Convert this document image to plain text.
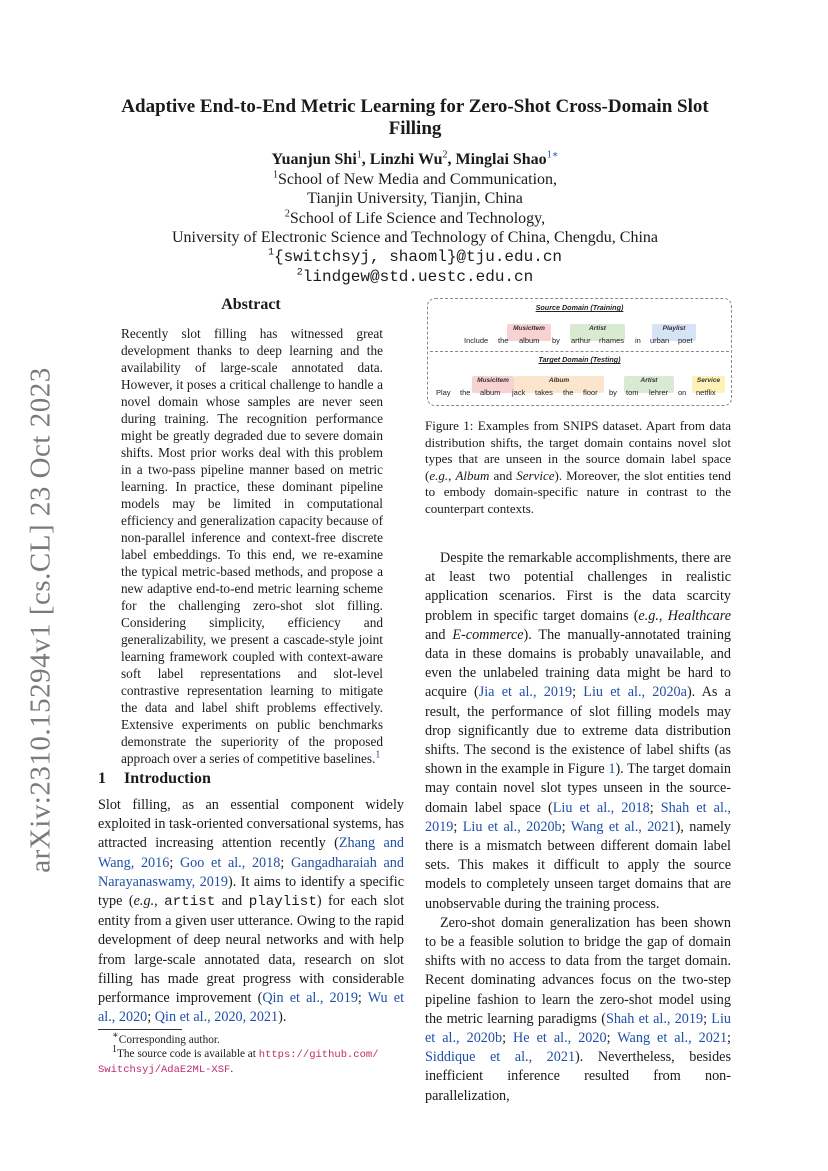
arXiv:2310.15294v1 [cs.CL] 23 Oct 2023
Adaptive End-to-End Metric Learning for Zero-Shot Cross-Domain Slot Filling
Yuanjun Shi$^1$, Linzhi Wu$^2$, Minglai Shao$^{1∗}$
$^1$School of New Media and Communication,
Tianjin University, Tianjin, China
$^2$School of Life Science and Technology,
University of Electronic Science and Technology of China, Chengdu, China
$^1${switchsyj, shaoml}@tju.edu.cn
$^2$lindgew@std.uestc.edu.cn
Abstract
Recently slot filling has witnessed great development thanks to deep learning and the availability of large-scale annotated data. However, it poses a critical challenge to handle a novel domain whose samples are never seen during training. The recognition performance might be greatly degraded due to severe domain shifts. Most prior works deal with this problem in a two-pass pipeline manner based on metric learning. In practice, these dominant pipeline models may be limited in computational efficiency and generalization capacity because of non-parallel inference and context-free discrete label embeddings. To this end, we re-examine the typical metric-based methods, and propose a new adaptive end-to-end metric learning scheme for the challenging zero-shot slot filling. Considering simplicity, efficiency and generalizability, we present a cascade-style joint learning framework coupled with context-aware soft label representations and slot-level contrastive representation learning to mitigate the data and label shift problems effectively. Extensive experiments on public benchmarks demonstrate the superiority of the proposed approach over a series of competitive baselines.$^1$
1 Introduction

Slot filling, as an essential component widely exploited in task-oriented conversational systems, has attracted increasing attention recently (Zhang and Wang, 2016; Goo et al., 2018; Gangadharaiah and Narayanaswamy, 2019). It aims to identify a specific type (e.g., artist and playlist) for each slot entity from a given user utterance. Owing to the rapid development of deep neural networks and with help from large-scale annotated data, research on slot filling has made great progress with considerable performance improvement (Qin et al., 2019; Wu et al., 2020; Qin et al., 2020, 2021).

∗Corresponding author.
$^1$The source code is available at https://github.com/
Switchsyj/AdaE2ML-XSF.
Source Domain (Training)
MusicItem	Artist	Playlist
Include the album by arthur rhames in urban poet
Target Domain (Testing)
MusicItem	Album	Artist	Service
Play the album jack takes the floor by tom lehrer on netflix
Figure 1: Examples from SNIPS dataset. Apart from data distribution shifts, the target domain contains novel slot types that are unseen in the source domain label space (e.g., Album and Service). Moreover, the slot entities tend to embody domain-specific nature in contrast to the counterpart contexts.

Despite the remarkable accomplishments, there are at least two potential challenges in realistic application scenarios. First is the data scarcity problem in specific target domains (e.g., Healthcare and E-commerce). The manually-annotated training data in these domains is probably unavailable, and even the unlabeled training data might be hard to acquire (Jia et al., 2019; Liu et al., 2020a). As a result, the performance of slot filling models may drop significantly due to extreme data distribution shifts. The second is the existence of label shifts (as shown in the example in Figure 1). The target domain may contain novel slot types unseen in the source-domain label space (Liu et al., 2018; Shah et al., 2019; Liu et al., 2020b; Wang et al., 2021), namely there is a mismatch between different domain label sets. This makes it difficult to apply the source models to completely unseen target domains that are unobservable during the training process.

Zero-shot domain generalization has been shown to be a feasible solution to bridge the gap of domain shifts with no access to data from the target domain. Recent dominating advances focus on the two-step pipeline fashion to learn the zero-shot model using the metric learning paradigms (Shah et al., 2019; Liu et al., 2020b; He et al., 2020; Wang et al., 2021; Siddique et al., 2021). Nevertheless, besides inefficient inference resulted from non-parallelization,
